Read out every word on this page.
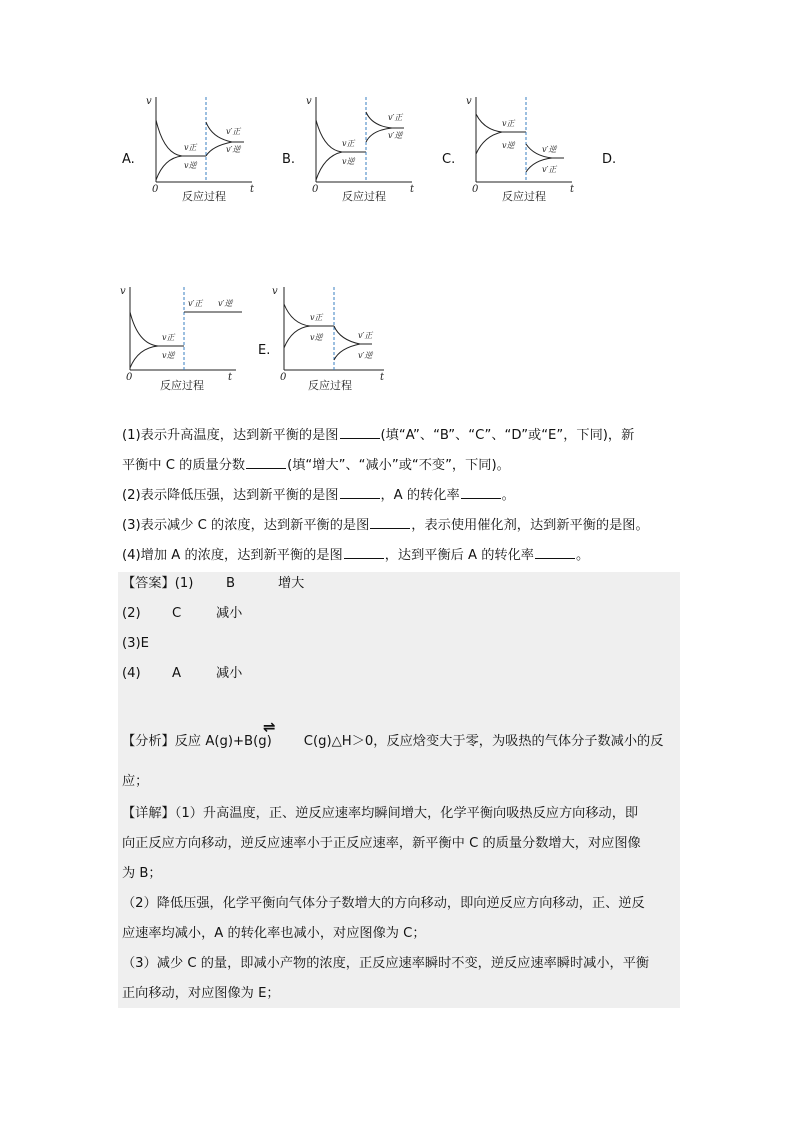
A.
v
0	t
v正
v逆
v′正
v′逆
反应过程
B.
v
0	t
v正
v逆
v′正
v′逆
反应过程
C.
v
0	t
v正
v逆	v′逆
v′正
反应过程
D.
v
0	t
v正
v逆
v′正 v′逆
反应过程
E.
v
0	t
v正
v逆	v′正
v′逆
反应过程
(1)表示升高温度，达到新平衡的是图	(填“A”、“B”、“C”、“D”或“E”，下同)，新
平衡中 C 的质量分数	(填“增大”、“减小”或“不变”，下同)。
(2)表示降低压强，达到新平衡的是图	，A 的转化率	。
(3)表示减少 C 的浓度，达到新平衡的是图	，表示使用催化剂，达到新平衡的是图。
(4)增加 A 的浓度，达到新平衡的是图	，达到平衡后 A 的转化率	。
【答案】(1) B	增大
(2) C	减小
(3)E
(4) A	减小
【分析】反应 A(g)+B(g) C(g)△H＞0，反应焓变大于零，为吸热的气体分子数减小的反
⇌
应；
【详解】（1）升高温度，正、逆反应速率均瞬间增大，化学平衡向吸热反应方向移动，即
向正反应方向移动，逆反应速率小于正反应速率，新平衡中 C 的质量分数增大，对应图像
为 B；
（2）降低压强，化学平衡向气体分子数增大的方向移动，即向逆反应方向移动，正、逆反
应速率均减小，A 的转化率也减小，对应图像为 C；
（3）减少 C 的量，即减小产物的浓度，正反应速率瞬时不变，逆反应速率瞬时减小，平衡
正向移动，对应图像为 E；
